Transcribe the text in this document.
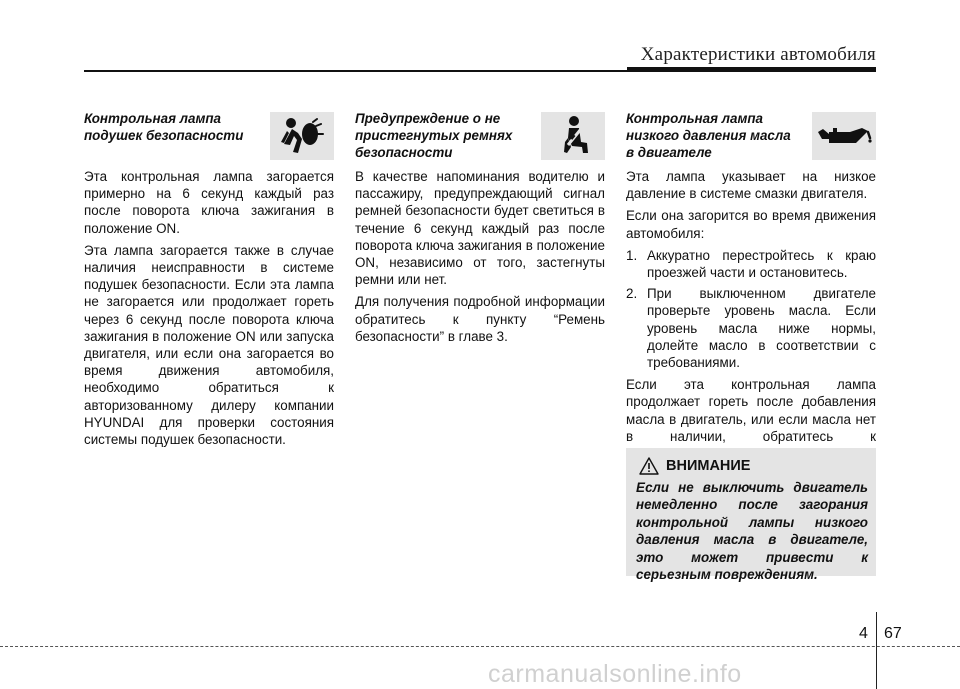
Характеристики автомобиля
Контрольная лампа
подушек безопасности

Эта контрольная лампа загорается примерно на 6 секунд каждый раз после поворота ключа зажигания в положение ON.

Эта лампа загорается также в случае наличия неисправности в системе подушек безопасности. Если эта лампа не загорается или продолжает гореть через 6 секунд после поворота ключа зажигания в положение ON или запуска двигателя, или если она загорается во время движения автомобиля, необходимо обратиться к авторизованному дилеру компании HYUNDAI для проверки состояния системы подушек безопасности.

Предупреждение о не
пристегнутых ремнях
безопасности

В качестве напоминания водителю и пассажиру, предупреждающий сигнал ремней безопасности будет светиться в течение 6 секунд каждый раз после поворота ключа зажигания в положение ON, независимо от того, застегнуты ремни или нет.

Для получения подробной информации обратитесь к пункту “Ремень безопасности” в главе 3.

Контрольная лампа
низкого давления масла
в двигателе

Эта лампа указывает на низкое давление в системе смазки двигателя.

Если она загорится во время движения автомобиля:

1. Аккуратно перестройтесь к краю проезжей части и остановитесь.
2. При выключенном двигателе проверьте уровень масла. Если уровень масла ниже нормы, долейте масло в соответствии с требованиями.

Если эта контрольная лампа продолжает гореть после добавления масла в двигатель, или если масла нет в наличии, обратитесь к

ВНИМАНИЕ
Если не выключить двигатель немедленно после загорания контрольной лампы низкого давления масла в двигателе, это может привести к серьезным повреждениям.
4 67
carmanualsonline.info
